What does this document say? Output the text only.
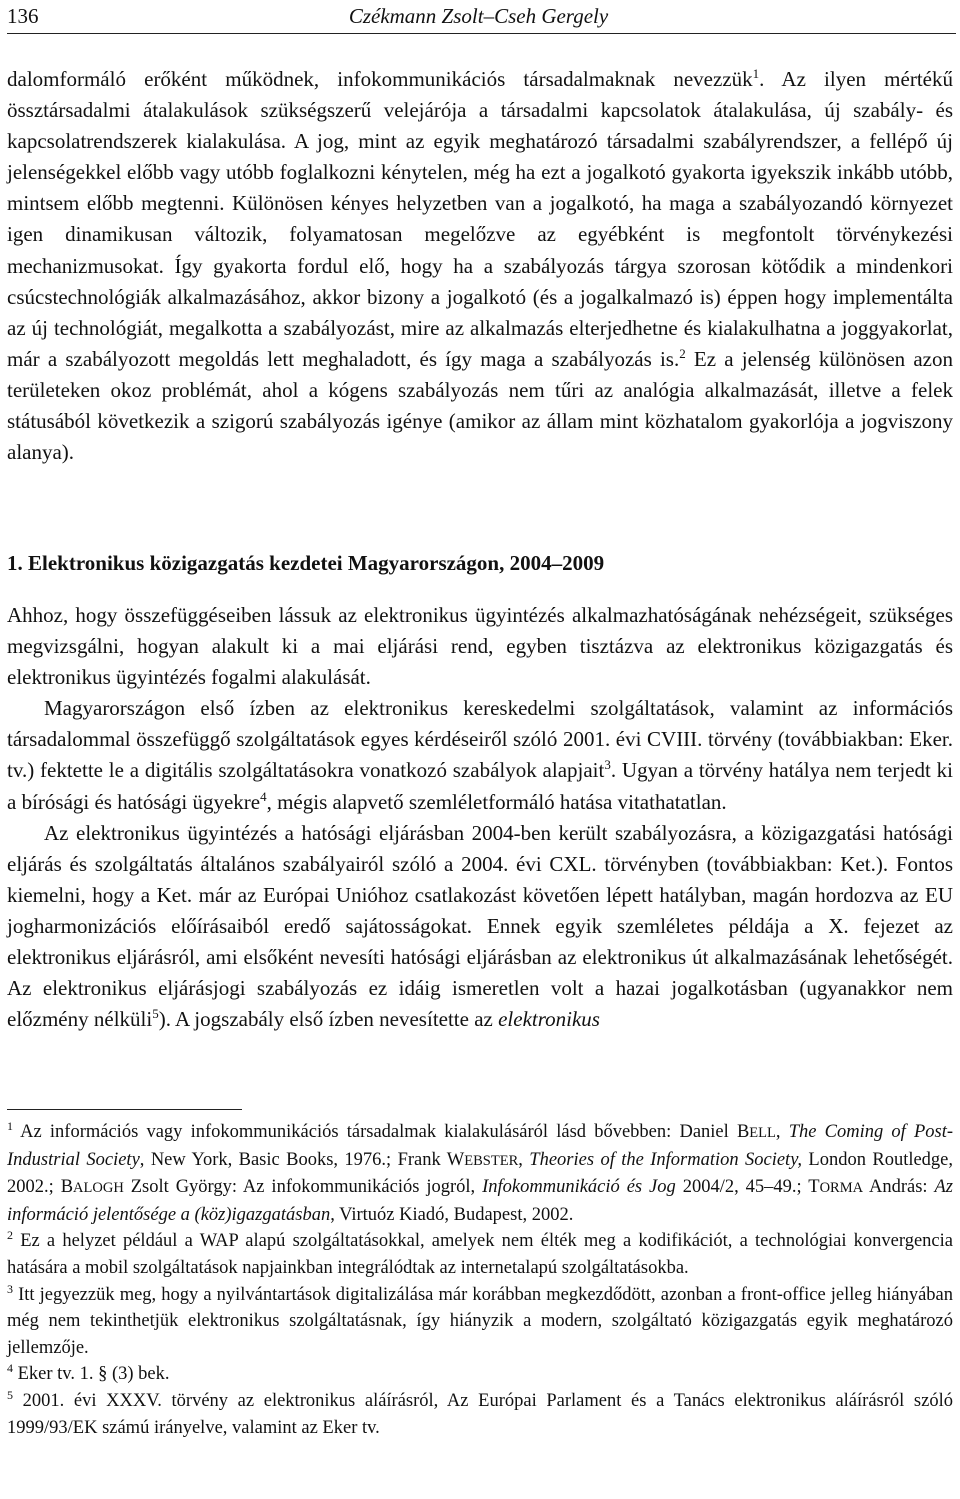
136	Czékmann Zsolt–Cseh Gergely

dalomformáló erőként működnek, infokommunikációs társadalmaknak nevezzük$^1$. Az ilyen mértékű össztársadalmi átalakulások szükségszerű velejárója a társadalmi kapcsolatok átalakulása, új szabály- és kapcsolatrendszerek kialakulása. A jog, mint az egyik meghatározó társadalmi szabályrendszer, a fellépő új jelenségekkel előbb vagy utóbb foglalkozni kénytelen, még ha ezt a jogalkotó gyakorta igyekszik inkább utóbb, mintsem előbb megtenni. Különösen kényes helyzetben van a jogalkotó, ha maga a szabályozandó környezet igen dinamikusan változik, folyamatosan megelőzve az egyébként is megfontolt törvénykezési mechanizmusokat. Így gyakorta fordul elő, hogy ha a szabályozás tárgya szorosan kötődik a mindenkori csúcstechnológiák alkalmazásához, akkor bizony a jogalkotó (és a jogalkalmazó is) éppen hogy implementálta az új technológiát, megalkotta a szabályozást, mire az alkalmazás elterjedhetne és kialakulhatna a joggyakorlat, már a szabályozott megoldás lett meghaladott, és így maga a szabályozás is.$^2$ Ez a jelenség különösen azon területeken okoz problémát, ahol a kógens szabályozás nem tűri az analógia alkalmazását, illetve a felek státusából következik a szigorú szabályozás igénye (amikor az állam mint közhatalom gyakorlója a jogviszony alanya).

1. Elektronikus közigazgatás kezdetei Magyarországon, 2004–2009

Ahhoz, hogy összefüggéseiben lássuk az elektronikus ügyintézés alkalmazhatóságának nehézségeit, szükséges megvizsgálni, hogyan alakult ki a mai eljárási rend, egyben tisztázva az elektronikus közigazgatás és elektronikus ügyintézés fogalmi alakulását.

Magyarországon első ízben az elektronikus kereskedelmi szolgáltatások, valamint az információs társadalommal összefüggő szolgáltatások egyes kérdéseiről szóló 2001. évi CVIII. törvény (továbbiakban: Eker. tv.) fektette le a digitális szolgáltatásokra vonatkozó szabályok alapjait$^3$. Ugyan a törvény hatálya nem terjedt ki a bírósági és hatósági ügyekre$^4$, mégis alapvető szemléletformáló hatása vitathatatlan.

Az elektronikus ügyintézés a hatósági eljárásban 2004-ben került szabályozásra, a közigazgatási hatósági eljárás és szolgáltatás általános szabályairól szóló a 2004. évi CXL. törvényben (továbbiakban: Ket.). Fontos kiemelni, hogy a Ket. már az Európai Unióhoz csatlakozást követően lépett hatályban, magán hordozva az EU jogharmonizációs előírásaiból eredő sajátosságokat. Ennek egyik szemléletes példája a X. fejezet az elektronikus eljárásról, ami elsőként nevesíti hatósági eljárásban az elektronikus út alkalmazásának lehetőségét. Az elektronikus eljárásjogi szabályozás ez idáig ismeretlen volt a hazai jogalkotásban (ugyanakkor nem előzmény nélküli$^5$). A jogszabály első ízben nevesítette az elektronikus

$^1$ Az információs vagy infokommunikációs társadalmak kialakulásáról lásd bővebben: Daniel BELL, The Coming of Post-Industrial Society, New York, Basic Books, 1976.; Frank WEBSTER, Theories of the Information Society, London Routledge, 2002.; BALOGH Zsolt György: Az infokommunikációs jogról, Infokommunikáció és Jog 2004/2, 45–49.; TORMA András: Az információ jelentősége a (köz)igazgatásban, Virtuóz Kiadó, Budapest, 2002.

$^2$ Ez a helyzet például a WAP alapú szolgáltatásokkal, amelyek nem élték meg a kodifikációt, a technológiai konvergencia hatására a mobil szolgáltatások napjainkban integrálódtak az internetalapú szolgáltatásokba.

$^3$ Itt jegyezzük meg, hogy a nyilvántartások digitalizálása már korábban megkezdődött, azonban a front-office jelleg hiányában még nem tekinthetjük elektronikus szolgáltatásnak, így hiányzik a modern, szolgáltató közigazgatás egyik meghatározó jellemzője.

$^4$ Eker tv. 1. § (3) bek.

$^5$ 2001. évi XXXV. törvény az elektronikus aláírásról, Az Európai Parlament és a Tanács elektronikus aláírásról szóló 1999/93/EK számú irányelve, valamint az Eker tv.
